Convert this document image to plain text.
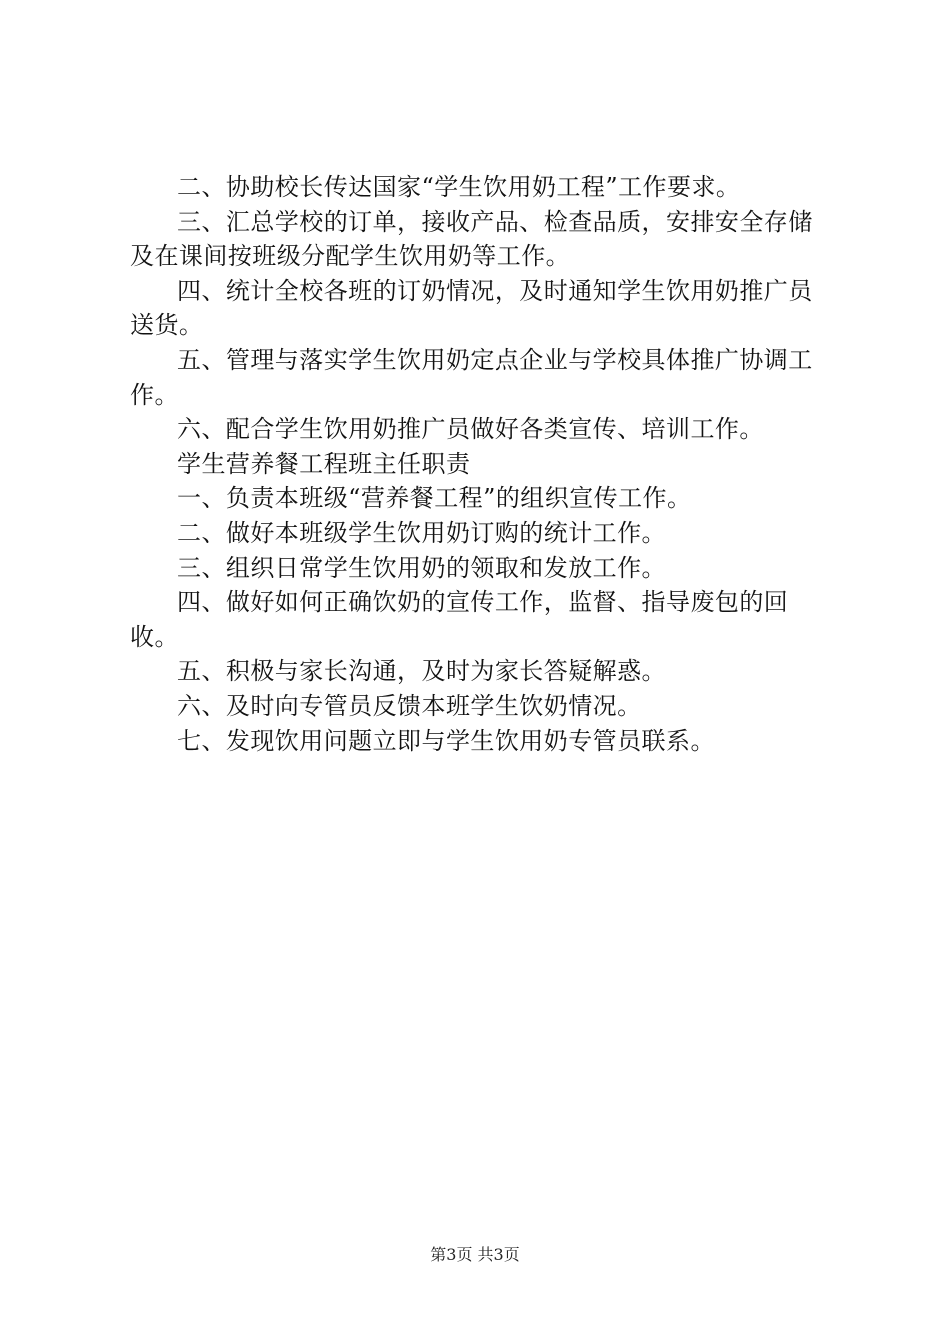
二、协助校长传达国家“学生饮用奶工程”工作要求。

三、汇总学校的订单，接收产品、检查品质，安排安全存储及在课间按班级分配学生饮用奶等工作。

四、统计全校各班的订奶情况，及时通知学生饮用奶推广员送货。

五、管理与落实学生饮用奶定点企业与学校具体推广协调工作。

六、配合学生饮用奶推广员做好各类宣传、培训工作。

学生营养餐工程班主任职责

一、负责本班级“营养餐工程”的组织宣传工作。

二、做好本班级学生饮用奶订购的统计工作。

三、组织日常学生饮用奶的领取和发放工作。

四、做好如何正确饮奶的宣传工作，监督、指导废包的回收。

五、积极与家长沟通，及时为家长答疑解惑。

六、及时向专管员反馈本班学生饮奶情况。

七、发现饮用问题立即与学生饮用奶专管员联系。

第3页 共3页
